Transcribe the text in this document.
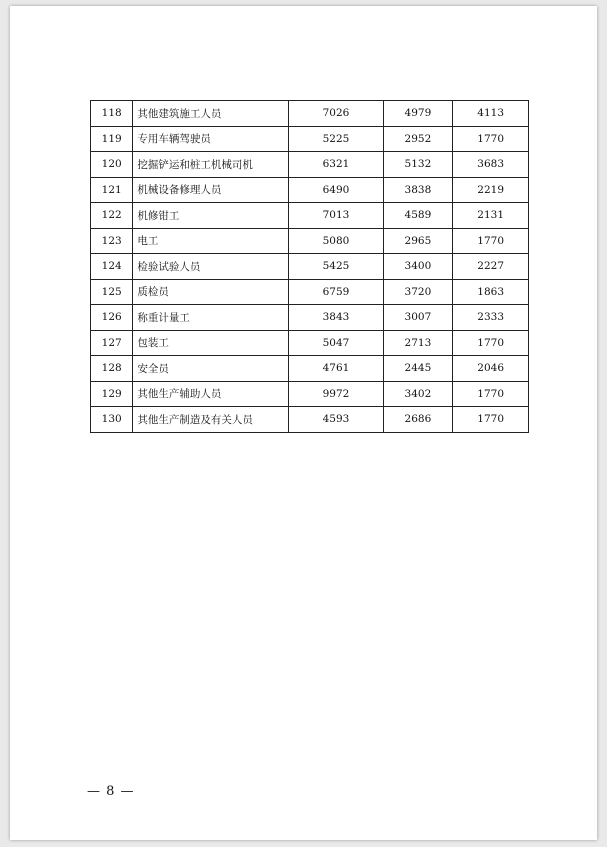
118	其他建筑施工人员	7026	4979	4113
119	专用车辆驾驶员	5225	2952	1770
120	挖掘铲运和桩工机械司机	6321	5132	3683
121	机械设备修理人员	6490	3838	2219
122	机修钳工	7013	4589	2131
123	电工	5080	2965	1770
124	检验试验人员	5425	3400	2227
125	质检员	6759	3720	1863
126	称重计量工	3843	3007	2333
127	包装工	5047	2713	1770
128	安全员	4761	2445	2046
129	其他生产辅助人员	9972	3402	1770
130	其他生产制造及有关人员	4593	2686	1770
— 8 —
